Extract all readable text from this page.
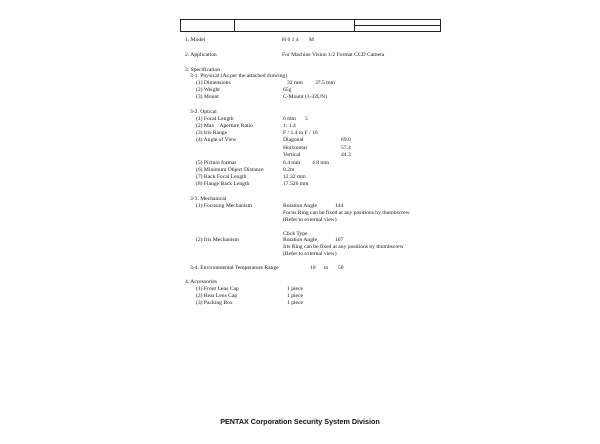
1. Model	H 6 1 4 M
2. Application	For Machine Vision 1/2 Format CCD Camera
3. Specification
3-1. Physical (As per the attached drawing)
(1) Dimensions	32 mm 37.5 mm
(2) Weight	65g
(3) Mount	C-Mount (1-32UN)
3-2. Optical
(1) Focal Length	6 mm 5
(2) Max    Aperture Ratio	1: 1.4
(3) Iris Range	F / 1.4 to F / 16
(4) Angle of View	Diagonal	69.0
Horizontal	57.4
Vertical	44.3
(5) Picture format	6.4 mm 4.8 mm
(6) Minimum Object Distance	0.2m
(7) Back Focal Length	12.32 mm
(8) Flange Back Length	17.526 mm
3-3. Mechanical
(1) Focusing Mechanism	Rotation Angle	144
Focus Ring can be fixed at any positions by thumbscrew
(Refer to external view)
Click Type
(2) Iris Mechanism	Rotation Angle	107
Iris Ring can be fixed at any positions by thumbscrew
(Refer to external view)
3-4. Environmental Temperature Range	10 to 50
4. Accessories
(1) Front Lens Cap	1 piece
(2) Rear Lens Cap	1 piece
(3) Packing Box	1 piece
PENTAX Corporation Security System Division
